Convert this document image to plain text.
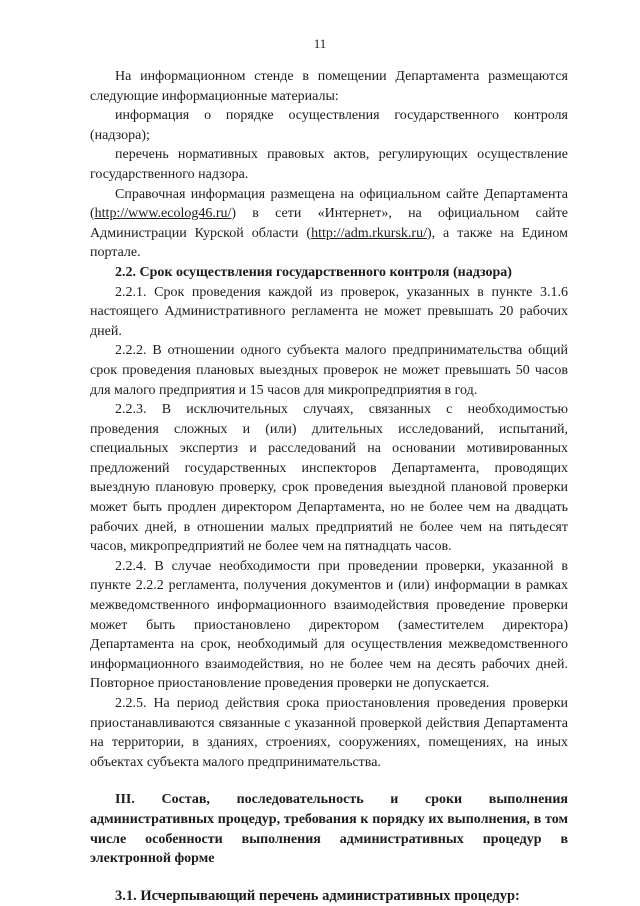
11

На информационном стенде в помещении Департамента размещаются следующие информационные материалы:

информация о порядке осуществления государственного контроля (надзора);

перечень нормативных правовых актов, регулирующих осуществление государственного надзора.

Справочная информация размещена на официальном сайте Департамента (http://www.ecolog46.ru/) в сети «Интернет», на официальном сайте Администрации Курской области (http://adm.rkursk.ru/), а также на Едином портале.

2.2. Срок осуществления государственного контроля (надзора)

2.2.1. Срок проведения каждой из проверок, указанных в пункте 3.1.6 настоящего Административного регламента не может превышать 20 рабочих дней.

2.2.2. В отношении одного субъекта малого предпринимательства общий срок проведения плановых выездных проверок не может превышать 50 часов для малого предприятия и 15 часов для микропредприятия в год.

2.2.3. В исключительных случаях, связанных с необходимостью проведения сложных и (или) длительных исследований, испытаний, специальных экспертиз и расследований на основании мотивированных предложений государственных инспекторов Департамента, проводящих выездную плановую проверку, срок проведения выездной плановой проверки может быть продлен директором Департамента, но не более чем на двадцать рабочих дней, в отношении малых предприятий не более чем на пятьдесят часов, микропредприятий не более чем на пятнадцать часов.

2.2.4. В случае необходимости при проведении проверки, указанной в пункте 2.2.2 регламента, получения документов и (или) информации в рамках межведомственного информационного взаимодействия проведение проверки может быть приостановлено директором (заместителем директора) Департамента на срок, необходимый для осуществления межведомственного информационного взаимодействия, но не более чем на десять рабочих дней. Повторное приостановление проведения проверки не допускается.

2.2.5. На период действия срока приостановления проведения проверки приостанавливаются связанные с указанной проверкой действия Департамента на территории, в зданиях, строениях, сооружениях, помещениях, на иных объектах субъекта малого предпринимательства.

III. Состав, последовательность и сроки выполнения административных процедур, требования к порядку их выполнения, в том числе особенности выполнения административных процедур в электронной форме

3.1. Исчерпывающий перечень административных процедур:
